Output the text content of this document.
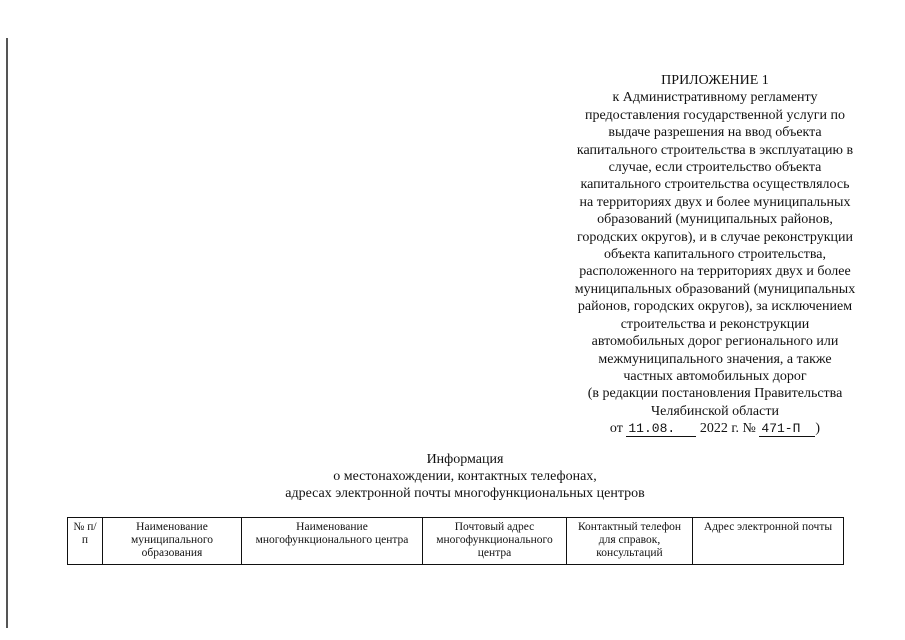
ПРИЛОЖЕНИЕ 1
к Административному регламенту
предоставления государственной услуги по
выдаче разрешения на ввод объекта
капитального строительства в эксплуатацию в
случае, если строительство объекта
капитального строительства осуществлялось
на территориях двух и более муниципальных
образований (муниципальных районов,
городских округов), и в случае реконструкции
объекта капитального строительства,
расположенного на территориях двух и более
муниципальных образований (муниципальных
районов, городских округов), за исключением
строительства и реконструкции
автомобильных дорог регионального или
межмуниципального значения, а также
частных автомобильных дорог
(в редакции постановления Правительства
Челябинской области
от 11.08. 2022 г. № 471-П )
Информация
о местонахождении, контактных телефонах,
адресах электронной почты многофункциональных центров
№ п/п	Наименование муниципального образования	Наименование многофункционального центра	Почтовый адрес многофункционального центра	Контактный телефон для справок, консультаций	Адрес электронной почты
